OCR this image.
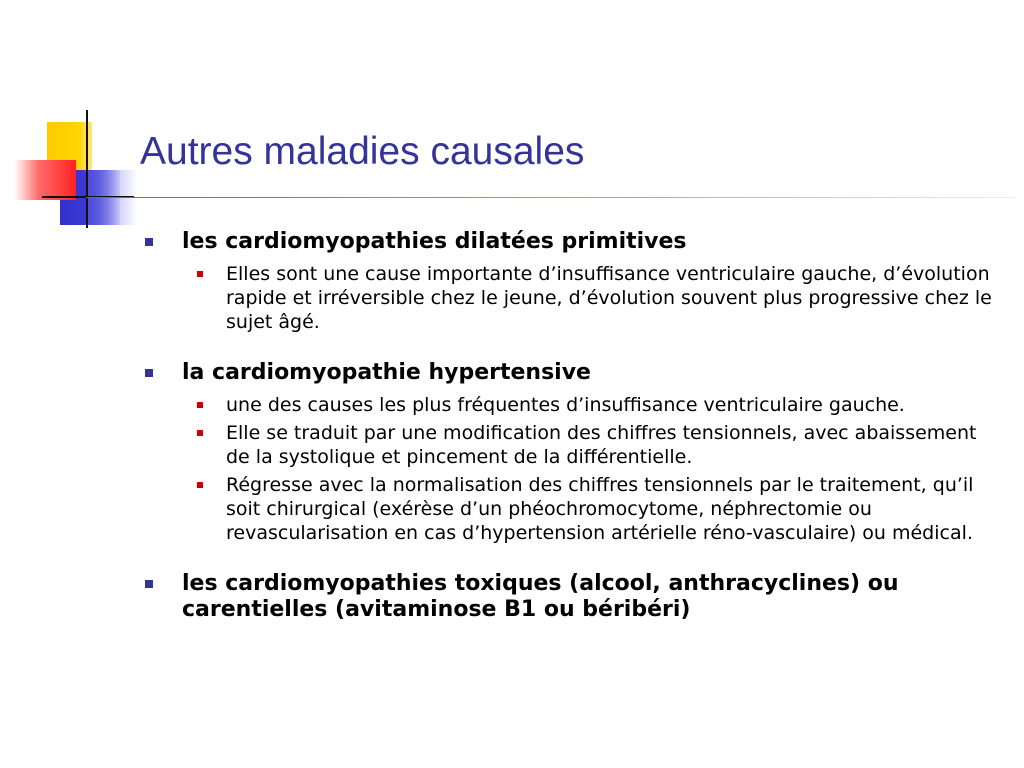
Autres maladies causales
les cardiomyopathies dilatées primitives
Elles sont une cause importante d’insuffisance ventriculaire gauche, d’évolution rapide et irréversible chez le jeune, d’évolution souvent plus progressive chez le sujet âgé.
la cardiomyopathie hypertensive
une des causes les plus fréquentes d’insuffisance ventriculaire gauche.
Elle se traduit par une modification des chiffres tensionnels, avec abaissement de la systolique et pincement de la différentielle.
Régresse avec la normalisation des chiffres tensionnels par le traitement, qu’il soit chirurgical (exérèse d’un phéochromocytome, néphrectomie ou revascularisation en cas d’hypertension artérielle réno-vasculaire) ou médical.
les cardiomyopathies toxiques (alcool, anthracyclines) ou carentielles (avitaminose B1 ou béribéri)
